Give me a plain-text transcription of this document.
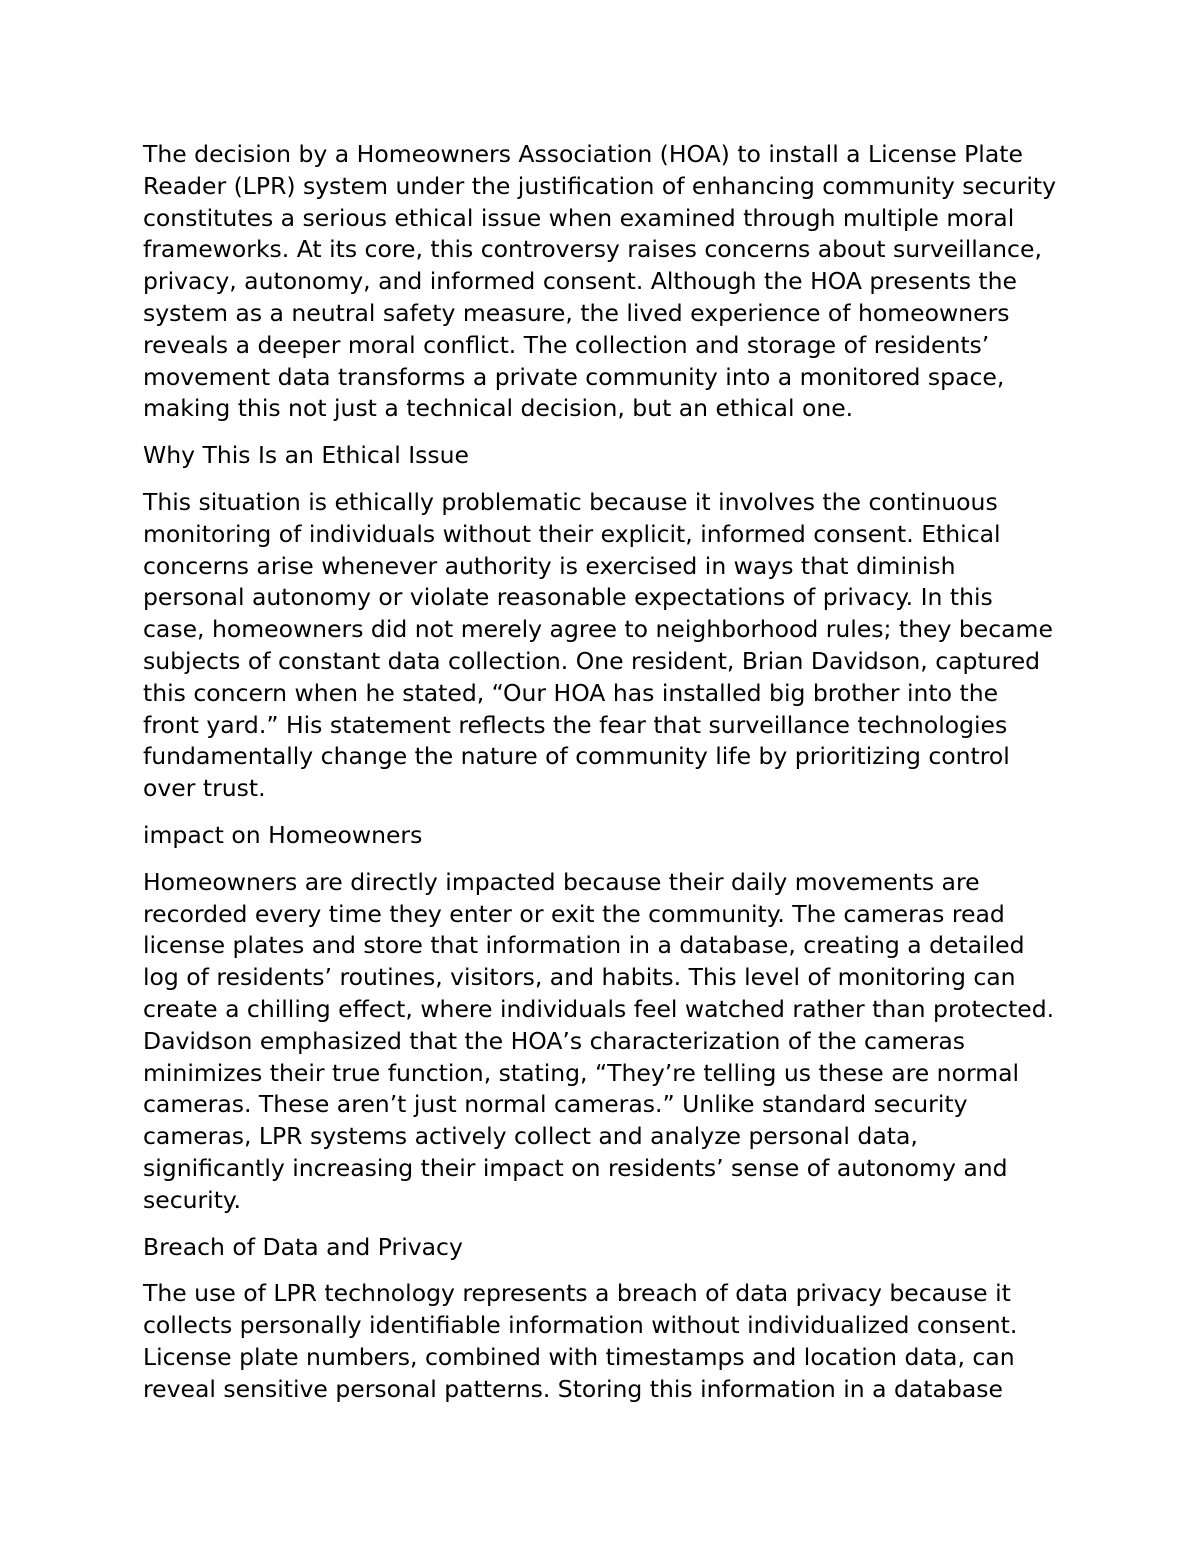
The decision by a Homeowners Association (HOA) to install a License Plate
Reader (LPR) system under the justification of enhancing community security
constitutes a serious ethical issue when examined through multiple moral
frameworks. At its core, this controversy raises concerns about surveillance,
privacy, autonomy, and informed consent. Although the HOA presents the
system as a neutral safety measure, the lived experience of homeowners
reveals a deeper moral conflict. The collection and storage of residents’
movement data transforms a private community into a monitored space,
making this not just a technical decision, but an ethical one.

Why This Is an Ethical Issue

This situation is ethically problematic because it involves the continuous
monitoring of individuals without their explicit, informed consent. Ethical
concerns arise whenever authority is exercised in ways that diminish
personal autonomy or violate reasonable expectations of privacy. In this
case, homeowners did not merely agree to neighborhood rules; they became
subjects of constant data collection. One resident, Brian Davidson, captured
this concern when he stated, “Our HOA has installed big brother into the
front yard.” His statement reflects the fear that surveillance technologies
fundamentally change the nature of community life by prioritizing control
over trust.

impact on Homeowners

Homeowners are directly impacted because their daily movements are
recorded every time they enter or exit the community. The cameras read
license plates and store that information in a database, creating a detailed
log of residents’ routines, visitors, and habits. This level of monitoring can
create a chilling effect, where individuals feel watched rather than protected.
Davidson emphasized that the HOA’s characterization of the cameras
minimizes their true function, stating, “They’re telling us these are normal
cameras. These aren’t just normal cameras.” Unlike standard security
cameras, LPR systems actively collect and analyze personal data,
significantly increasing their impact on residents’ sense of autonomy and
security.

Breach of Data and Privacy

The use of LPR technology represents a breach of data privacy because it
collects personally identifiable information without individualized consent.
License plate numbers, combined with timestamps and location data, can
reveal sensitive personal patterns. Storing this information in a database
